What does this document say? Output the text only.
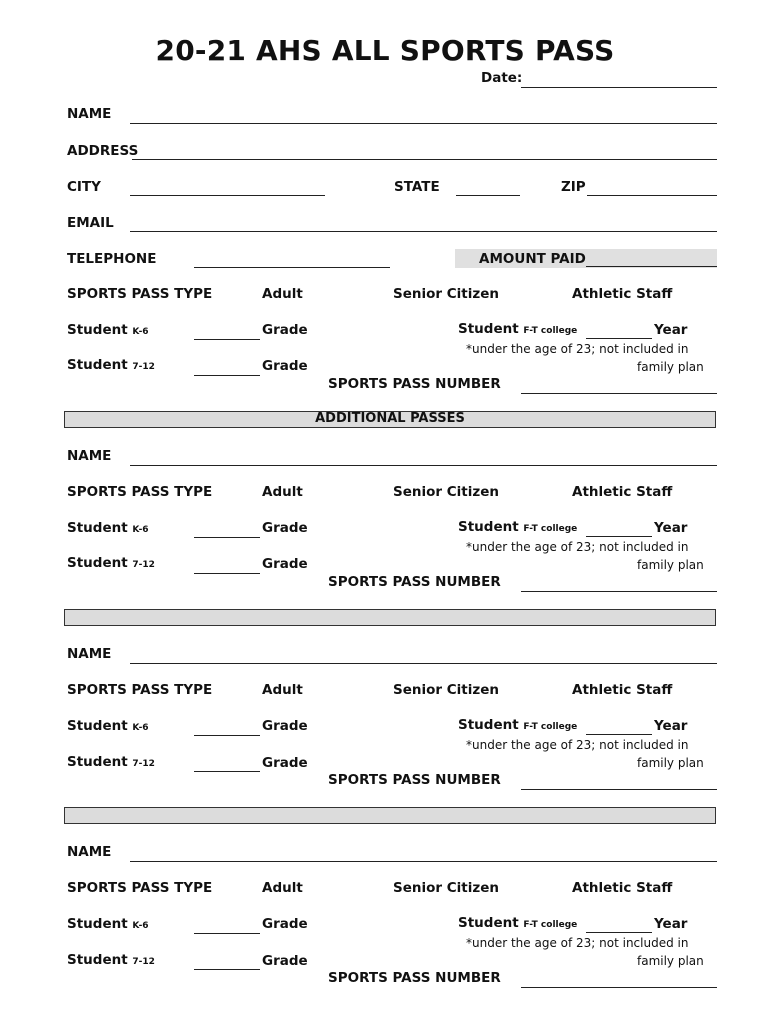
20-21 AHS ALL SPORTS PASS
Date:
NAME
ADDRESS
CITY	STATE	ZIP
EMAIL
TELEPHONE	AMOUNT PAID
SPORTS PASS TYPE	Adult	Senior Citizen	Athletic Staff
Student K-6	Grade	Student F-T college	Year
*under the age of 23; not included in
family plan
Student 7-12	Grade
SPORTS PASS NUMBER
ADDITIONAL PASSES
NAME
SPORTS PASS TYPE	Adult	Senior Citizen	Athletic Staff
Student K-6	Grade	Student F-T college	Year
*under the age of 23; not included in
family plan
Student 7-12	Grade
SPORTS PASS NUMBER
NAME
SPORTS PASS TYPE	Adult	Senior Citizen	Athletic Staff
Student K-6	Grade	Student F-T college	Year
*under the age of 23; not included in
family plan
Student 7-12	Grade
SPORTS PASS NUMBER
NAME
SPORTS PASS TYPE	Adult	Senior Citizen	Athletic Staff
Student K-6	Grade	Student F-T college	Year
*under the age of 23; not included in
family plan
Student 7-12	Grade
SPORTS PASS NUMBER
